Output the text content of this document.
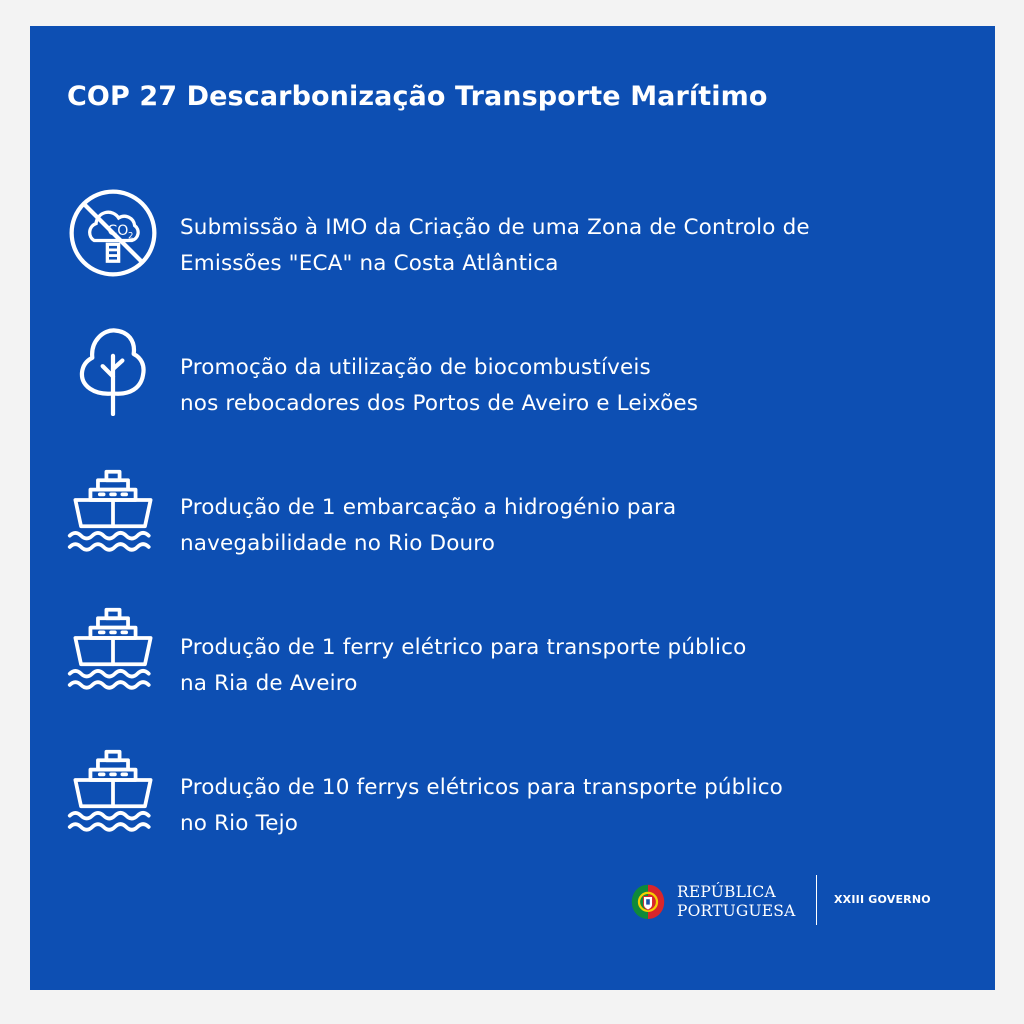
COP 27 Descarbonização Transporte Marítimo
CO 2 Submissão à IMO da Criação de uma Zona de Controlo de
Emissões "ECA" na Costa Atlântica
Promoção da utilização de biocombustíveis
nos rebocadores dos Portos de Aveiro e Leixões
Produção de 1 embarcação a hidrogénio para
navegabilidade no Rio Douro
Produção de 1 ferry elétrico para transporte público
na Ria de Aveiro
Produção de 10 ferrys elétricos para transporte público
no Rio Tejo
REPÚBLICA
PORTUGUESA
XXIII GOVERNO
